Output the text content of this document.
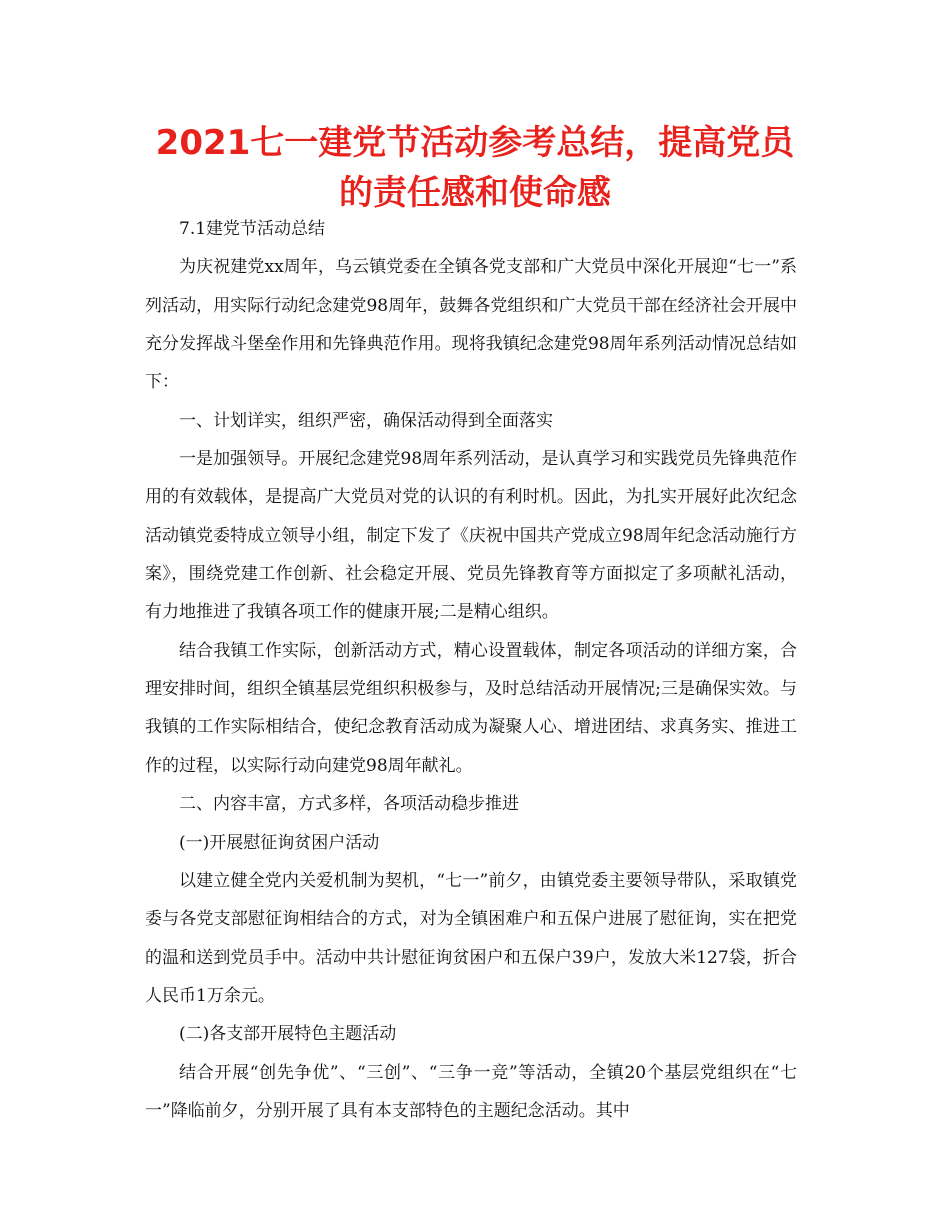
2021七一建党节活动参考总结，提高党员的责任感和使命感

7.1建党节活动总结

为庆祝建党xx周年，乌云镇党委在全镇各党支部和广大党员中深化开展迎“七一”系列活动，用实际行动纪念建党98周年，鼓舞各党组织和广大党员干部在经济社会开展中充分发挥战斗堡垒作用和先锋典范作用。现将我镇纪念建党98周年系列活动情况总结如下：

一、计划详实，组织严密，确保活动得到全面落实

一是加强领导。开展纪念建党98周年系列活动，是认真学习和实践党员先锋典范作用的有效载体，是提高广大党员对党的认识的有利时机。因此，为扎实开展好此次纪念活动镇党委特成立领导小组，制定下发了《庆祝中国共产党成立98周年纪念活动施行方案》，围绕党建工作创新、社会稳定开展、党员先锋教育等方面拟定了多项献礼活动，有力地推进了我镇各项工作的健康开展;二是精心组织。

结合我镇工作实际，创新活动方式，精心设置载体，制定各项活动的详细方案，合理安排时间，组织全镇基层党组织积极参与，及时总结活动开展情况;三是确保实效。与我镇的工作实际相结合，使纪念教育活动成为凝聚人心、增进团结、求真务实、推进工作的过程，以实际行动向建党98周年献礼。

二、内容丰富，方式多样，各项活动稳步推进

(一)开展慰征询贫困户活动

以建立健全党内关爱机制为契机，“七一”前夕，由镇党委主要领导带队，采取镇党委与各党支部慰征询相结合的方式，对为全镇困难户和五保户进展了慰征询，实在把党的温和送到党员手中。活动中共计慰征询贫困户和五保户39户，发放大米127袋，折合人民币1万余元。

(二)各支部开展特色主题活动

结合开展“创先争优”、“三创”、“三争一竞”等活动，全镇20个基层党组织在“七一”降临前夕，分别开展了具有本支部特色的主题纪念活动。其中
